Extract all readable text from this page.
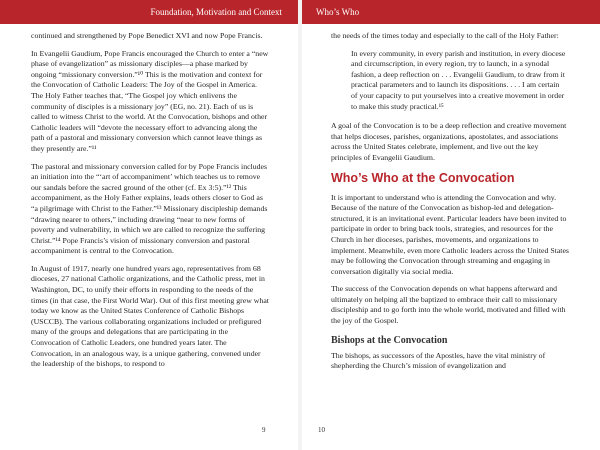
Foundation, Motivation and Context	Who’s Who

continued and strengthened by Pope Benedict XVI and now Pope Francis.

In Evangelii Gaudium, Pope Francis encouraged the Church to enter a “new phase of evangelization” as missionary disciples—a phase marked by ongoing “missionary conversion.”¹⁰ This is the motivation and context for the Convocation of Catholic Leaders: The Joy of the Gospel in America. The Holy Father teaches that, “The Gospel joy which enlivens the community of disciples is a missionary joy” (EG, no. 21). Each of us is called to witness Christ to the world. At the Convocation, bishops and other Catholic leaders will “devote the necessary effort to advancing along the path of a pastoral and missionary conversion which cannot leave things as they presently are.”¹¹

The pastoral and missionary conversion called for by Pope Francis includes an initiation into the “‘art of accompaniment’ which teaches us to remove our sandals before the sacred ground of the other (cf. Ex 3:5).”¹² This accompaniment, as the Holy Father explains, leads others closer to God as “a pilgrimage with Christ to the Father.”¹³ Missionary discipleship demands “drawing nearer to others,” including drawing “near to new forms of poverty and vulnerability, in which we are called to recognize the suffering Christ.”¹⁴ Pope Francis’s vision of missionary conversion and pastoral accompaniment is central to the Convocation.

In August of 1917, nearly one hundred years ago, representatives from 68 dioceses, 27 national Catholic organizations, and the Catholic press, met in Washington, DC, to unify their efforts in responding to the needs of the times (in that case, the First World War). Out of this first meeting grew what today we know as the United States Conference of Catholic Bishops (USCCB). The various collaborating organizations included or prefigured many of the groups and delegations that are participating in the Convocation of Catholic Leaders, one hundred years later. The Convocation, in an analogous way, is a unique gathering, convened under the leadership of the bishops, to respond to

the needs of the times today and especially to the call of the Holy Father:

In every community, in every parish and institution, in every diocese and circumscription, in every region, try to launch, in a synodal fashion, a deep reflection on . . . Evangelii Gaudium, to draw from it practical parameters and to launch its dispositions. . . . I am certain of your capacity to put yourselves into a creative movement in order to make this study practical.¹⁵

A goal of the Convocation is to be a deep reflection and creative movement that helps dioceses, parishes, organizations, apostolates, and associations across the United States celebrate, implement, and live out the key principles of Evangelii Gaudium.

Who’s Who at the Convocation

It is important to understand who is attending the Convocation and why. Because of the nature of the Convocation as bishop-led and delegation-structured, it is an invitational event. Particular leaders have been invited to participate in order to bring back tools, strategies, and resources for the Church in her dioceses, parishes, movements, and organizations to implement. Meanwhile, even more Catholic leaders across the United States may be following the Convocation through streaming and engaging in conversation digitally via social media.

The success of the Convocation depends on what happens afterward and ultimately on helping all the baptized to embrace their call to missionary discipleship and to go forth into the whole world, motivated and filled with the joy of the Gospel.

Bishops at the Convocation

The bishops, as successors of the Apostles, have the vital ministry of shepherding the Church’s mission of evangelization and

9	10
